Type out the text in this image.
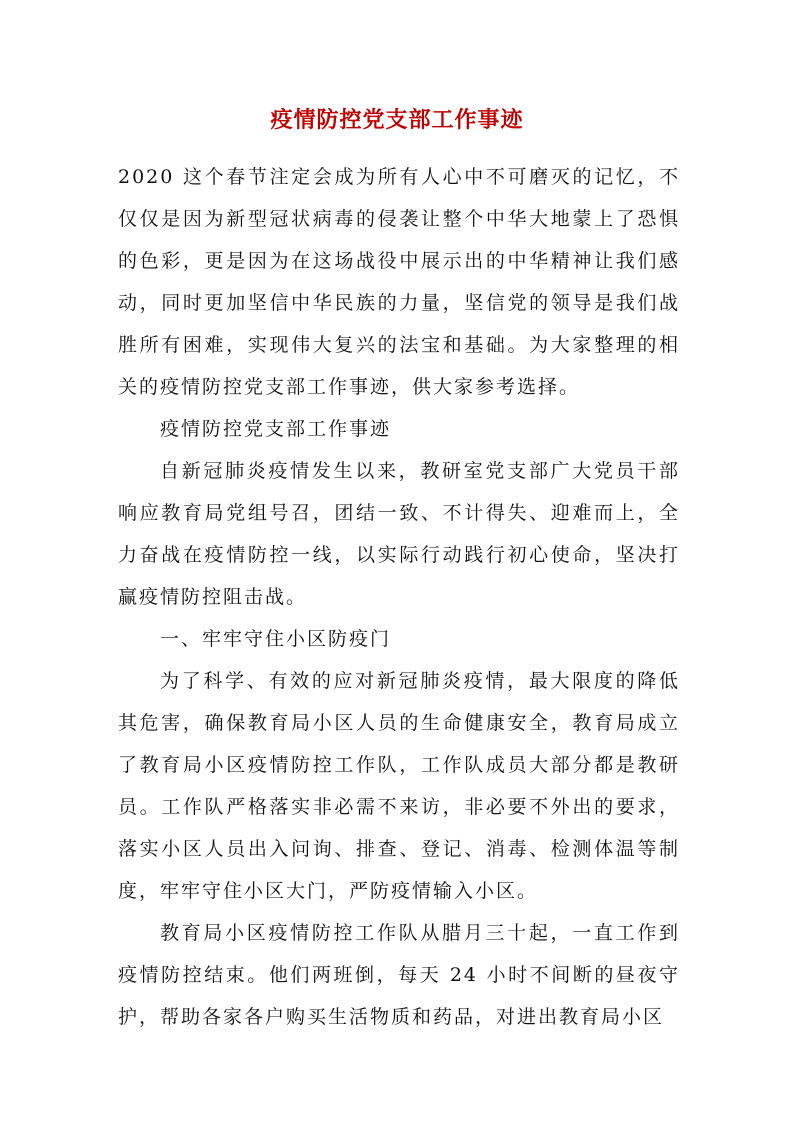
疫情防控党支部工作事迹

2020 这个春节注定会成为所有人心中不可磨灭的记忆，不仅仅是因为新型冠状病毒的侵袭让整个中华大地蒙上了恐惧的色彩，更是因为在这场战役中展示出的中华精神让我们感动，同时更加坚信中华民族的力量，坚信党的领导是我们战胜所有困难，实现伟大复兴的法宝和基础。为大家整理的相关的疫情防控党支部工作事迹，供大家参考选择。

疫情防控党支部工作事迹

自新冠肺炎疫情发生以来，教研室党支部广大党员干部响应教育局党组号召，团结一致、不计得失、迎难而上，全力奋战在疫情防控一线，以实际行动践行初心使命，坚决打赢疫情防控阻击战。

一、牢牢守住小区防疫门

为了科学、有效的应对新冠肺炎疫情，最大限度的降低其危害，确保教育局小区人员的生命健康安全，教育局成立了教育局小区疫情防控工作队，工作队成员大部分都是教研员。工作队严格落实非必需不来访，非必要不外出的要求，落实小区人员出入问询、排查、登记、消毒、检测体温等制度，牢牢守住小区大门，严防疫情输入小区。

教育局小区疫情防控工作队从腊月三十起，一直工作到疫情防控结束。他们两班倒，每天 24 小时不间断的昼夜守护，帮助各家各户购买生活物质和药品，对进出教育局小区
